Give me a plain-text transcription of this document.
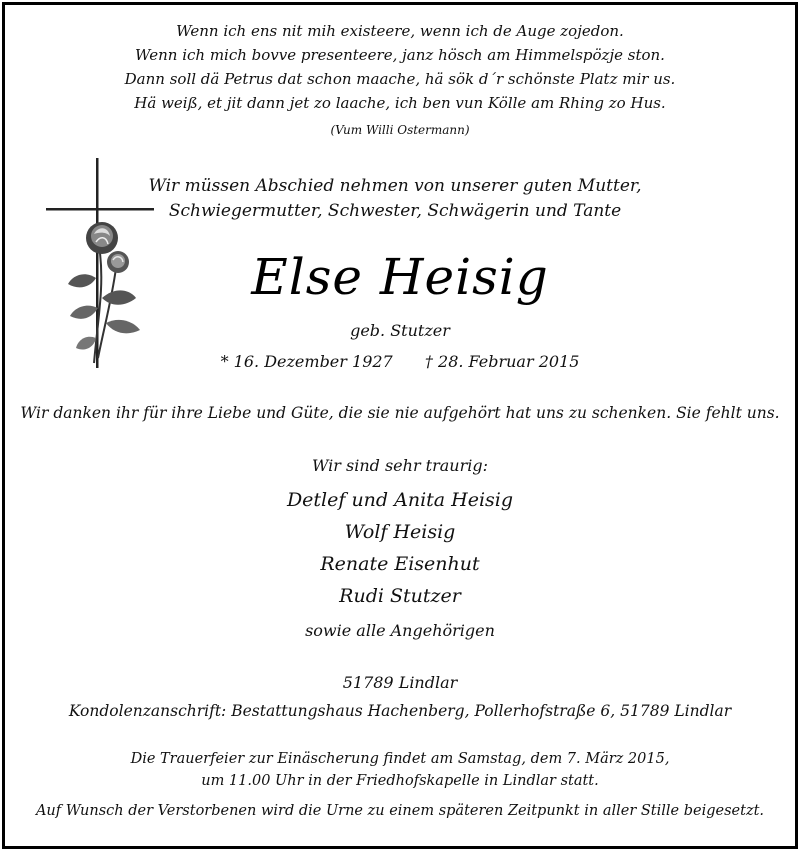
Wenn ich ens nit mih existeere, wenn ich de Auge zojedon.
Wenn ich mich bovve presenteere, janz hösch am Himmelspözje ston.
Dann soll dä Petrus dat schon maache, hä sök d´r schönste Platz mir us.
Hä weiß, et jit dann jet zo laache, ich ben vun Kölle am Rhing zo Hus.
(Vum Willi Ostermann)
Wir müssen Abschied nehmen von unserer guten Mutter,
Schwiegermutter, Schwester, Schwägerin und Tante
Else Heisig
geb. Stutzer
* 16. Dezember 1927 † 28. Februar 2015
Wir danken ihr für ihre Liebe und Güte, die sie nie aufgehört hat uns zu schenken. Sie fehlt uns.
Wir sind sehr traurig:
Detlef und Anita Heisig
Wolf Heisig
Renate Eisenhut
Rudi Stutzer
sowie alle Angehörigen
51789 Lindlar
Kondolenzanschrift: Bestattungshaus Hachenberg, Pollerhofstraße 6, 51789 Lindlar
Die Trauerfeier zur Einäscherung findet am Samstag, dem 7. März 2015,
um 11.00 Uhr in der Friedhofskapelle in Lindlar statt.
Auf Wunsch der Verstorbenen wird die Urne zu einem späteren Zeitpunkt in aller Stille beigesetzt.
